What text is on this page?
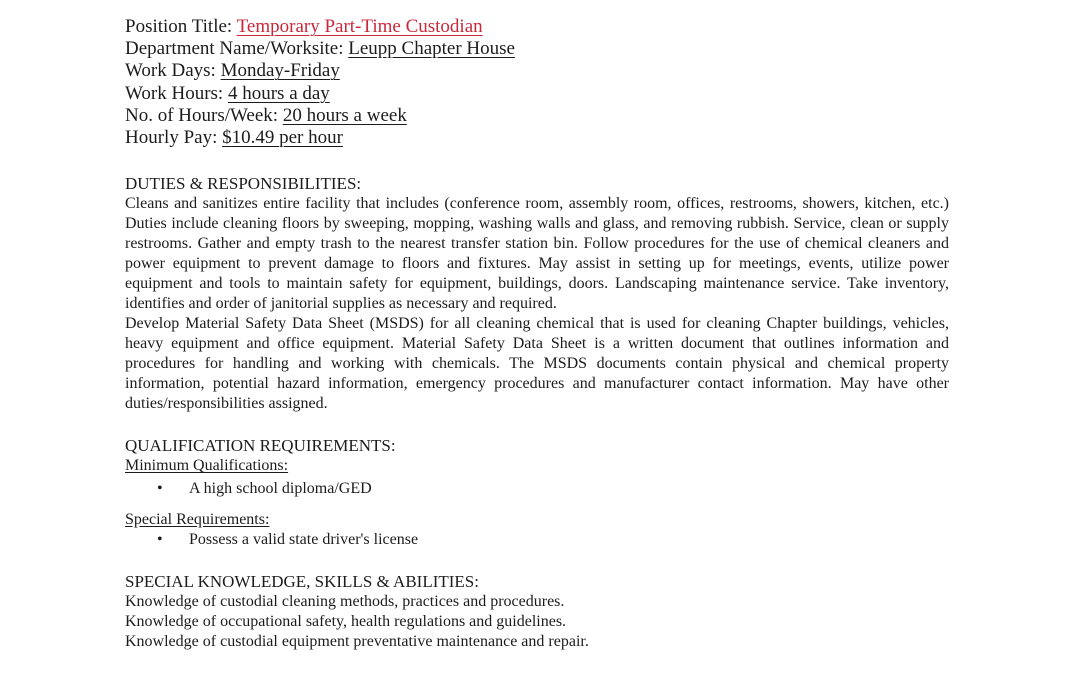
Position Title: Temporary Part-Time Custodian
Department Name/Worksite: Leupp Chapter House
Work Days: Monday-Friday
Work Hours: 4 hours a day
No. of Hours/Week: 20 hours a week
Hourly Pay: $10.49 per hour
DUTIES & RESPONSIBILITIES:
Cleans and sanitizes entire facility that includes (conference room, assembly room, offices, restrooms, showers, kitchen, etc.) Duties include cleaning floors by sweeping, mopping, washing walls and glass, and removing rubbish. Service, clean or supply restrooms. Gather and empty trash to the nearest transfer station bin. Follow procedures for the use of chemical cleaners and power equipment to prevent damage to floors and fixtures. May assist in setting up for meetings, events, utilize power equipment and tools to maintain safety for equipment, buildings, doors. Landscaping maintenance service. Take inventory, identifies and order of janitorial supplies as necessary and required.
Develop Material Safety Data Sheet (MSDS) for all cleaning chemical that is used for cleaning Chapter buildings, vehicles, heavy equipment and office equipment. Material Safety Data Sheet is a written document that outlines information and procedures for handling and working with chemicals. The MSDS documents contain physical and chemical property information, potential hazard information, emergency procedures and manufacturer contact information. May have other duties/responsibilities assigned.
QUALIFICATION REQUIREMENTS:
Minimum Qualifications:
• A high school diploma/GED
Special Requirements:
• Possess a valid state driver's license
SPECIAL KNOWLEDGE, SKILLS & ABILITIES:
Knowledge of custodial cleaning methods, practices and procedures.
Knowledge of occupational safety, health regulations and guidelines.
Knowledge of custodial equipment preventative maintenance and repair.
